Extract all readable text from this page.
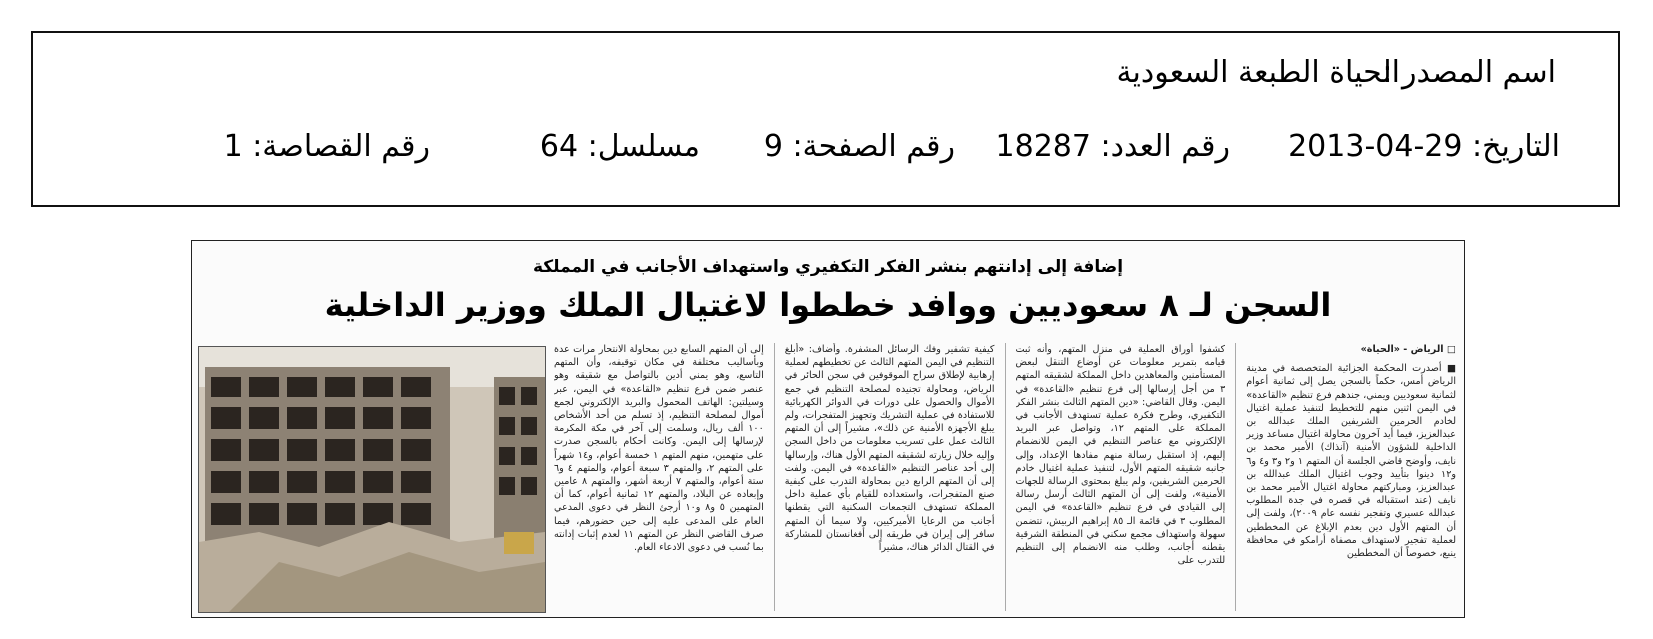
اسم المصدر :
الحياة الطبعة السعودية
التاريخ: 29-04-2013
رقم العدد: 18287
رقم الصفحة: 9
مسلسل: 64
رقم القصاصة: 1
إضافة إلى إدانتهم بنشر الفكر التكفيري واستهداف الأجانب في المملكة
السجن لـ ٨ سعوديين ووافد خططوا لاغتيال الملك ووزير الداخلية

□ الرياض - «الحياة»

■ أصدرت المحكمة الجزائية المتخصصة في مدينة الرياض أمس، حكماً بالسجن يصل إلى ثمانية أعوام لثمانية سعوديين ويمني، جندهم فرع تنظيم «القاعدة» في اليمن اثنين منهم للتخطيط لتنفيذ عملية اغتيال لخادم الحرمين الشريفين الملك عبدالله بن عبدالعزيز، فيما أيد آخرون محاولة اغتيال مساعد وزير الداخلية للشؤون الأمنية (آنذاك) الأمير محمد بن نايف، وأوضح قاضي الجلسة أن المتهم ١ و٢ و٣ و٤ و٦ و١٢ دينوا بتأييد وجوب اغتيال الملك عبدالله بن عبدالعزيز، ومباركتهم محاولة اغتيال الأمير محمد بن نايف (عند استقباله في قصره في جدة المطلوب عبدالله عسيري وتفجير نفسه عام ٢٠٠٩)، ولفت إلى أن المتهم الأول دين بعدم الإبلاغ عن المخططين لعملية تفجير لاستهداف مصفاة أرامكو في محافظة ينبع، خصوصاً أن المخططين

كشفوا أوراق العملية في منزل المتهم، وأنه ثبت قيامه بتمرير معلومات عن أوضاع التنقل لبعض المستأمنين والمعاهدين داخل المملكة لشقيقه المتهم ٣ من أجل إرسالها إلى فرع تنظيم «القاعدة» في اليمن. وقال القاضي: «دين المتهم الثالث بنشر الفكر التكفيري، وطرح فكرة عملية تستهدف الأجانب في المملكة على المتهم ١٢، وتواصل عبر البريد الإلكتروني مع عناصر التنظيم في اليمن للانضمام إليهم، إذ استقبل رسالة منهم مفادها الإعداد، وإلى جانبه شقيقه المتهم الأول، لتنفيذ عملية اغتيال خادم الحرمين الشريفين، ولم يبلغ بمحتوى الرسالة للجهات الأمنية»، ولفت إلى أن المتهم الثالث أرسل رسالة إلى القيادي في فرع تنظيم «القاعدة» في اليمن المطلوب ٣ في قائمة الـ ٨٥ إبراهيم الربيش، تتضمن سهولة واستهداف مجمع سكني في المنطقة الشرقية يقطنه أجانب، وطلب منه الانضمام إلى التنظيم للتدرب على

كيفية تشفير وفك الرسائل المشفرة. وأضاف: «أبلغ التنظيم في اليمن المتهم الثالث عن تخطيطهم لعملية إرهابية لإطلاق سراح الموقوفين في سجن الحائر في الرياض، ومحاولة تجنيده لمصلحة التنظيم في جمع الأموال والحصول على دورات في الدوائر الكهربائية للاستفادة في عملية التشريك وتجهيز المتفجرات، ولم يبلغ الأجهزة الأمنية عن ذلك»، مشيراً إلى أن المتهم الثالث عمل على تسريب معلومات من داخل السجن وإليه خلال زيارته لشقيقه المتهم الأول هناك، وإرسالها إلى أحد عناصر التنظيم «القاعدة» في اليمن. ولفت إلى أن المتهم الرابع دين بمحاولة التدرب على كيفية صنع المتفجرات، واستعداده للقيام بأي عملية داخل المملكة تستهدف التجمعات السكنية التي يقطنها أجانب من الرعايا الأميركيين، ولا سيما أن المتهم سافر إلى إيران في طريقه إلى أفغانستان للمشاركة في القتال الدائر هناك، مشيراً

إلى أن المتهم السابع دين بمحاولة الانتحار مرات عدة وبأساليب مختلفة في مكان توقيفه، وأن المتهم التاسع، وهو يمني أدين بالتواصل مع شقيقه وهو عنصر ضمن فرع تنظيم «القاعدة» في اليمن، عبر وسيلتين: الهاتف المحمول والبريد الإلكتروني لجمع أموال لمصلحة التنظيم، إذ تسلم من أحد الأشخاص ١٠٠ ألف ريال، وسلمت إلى آخر في مكة المكرمة لإرسالها إلى اليمن. وكانت أحكام بالسجن صدرت على متهمين، منهم المتهم ١ خمسة أعوام، و١٤ شهراً على المتهم ٢، والمتهم ٣ سبعة أعوام، والمتهم ٤ و٦ ستة أعوام، والمتهم ٧ أربعة أشهر، والمتهم ٨ عامين وإبعاده عن البلاد، والمتهم ١٢ ثمانية أعوام، كما أن المتهمين ٥ و٨ و١٠ أرجئ النظر في دعوى المدعي العام على المدعى عليه إلى حين حضورهم، فيما صرف القاضي النظر عن المتهم ١١ لعدم إثبات إدانته بما نُسب في دعوى الادعاء العام.
